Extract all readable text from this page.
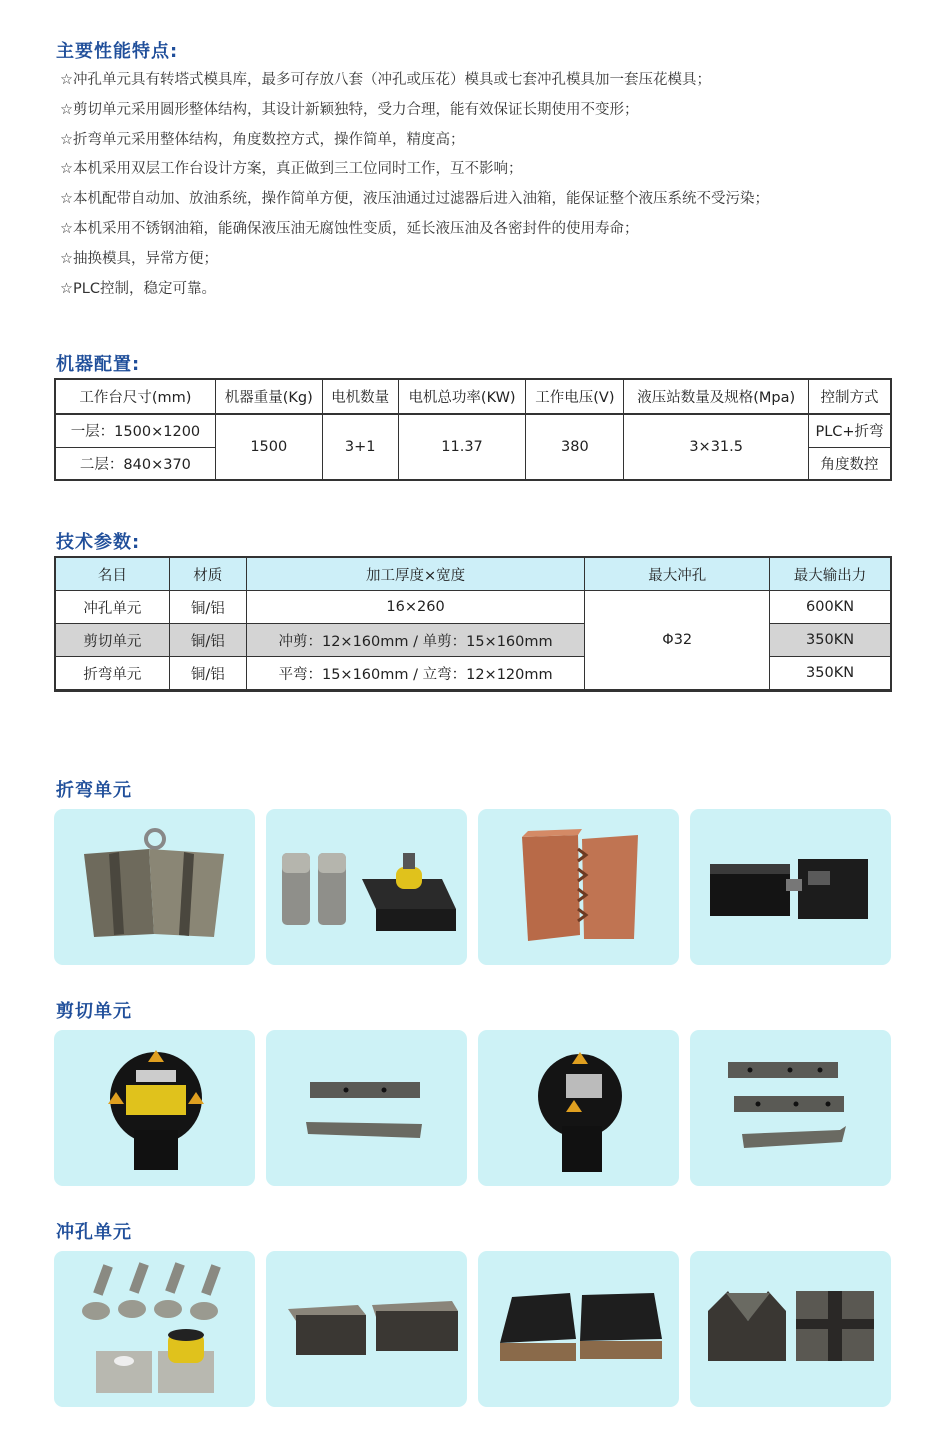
主要性能特点:
☆冲孔单元具有转塔式模具库，最多可存放八套（冲孔或压花）模具或七套冲孔模具加一套压花模具；
☆剪切单元采用圆形整体结构，其设计新颖独特，受力合理，能有效保证长期使用不变形；
☆折弯单元采用整体结构，角度数控方式，操作简单，精度高；
☆本机采用双层工作台设计方案，真正做到三工位同时工作，互不影响；
☆本机配带自动加、放油系统，操作简单方便，液压油通过过滤器后进入油箱，能保证整个液压系统不受污染；
☆本机采用不锈钢油箱，能确保液压油无腐蚀性变质，延长液压油及各密封件的使用寿命；
☆抽换模具，异常方便；
☆PLC控制，稳定可靠。
机器配置:
工作台尺寸(mm)	机器重量(Kg)	电机数量	电机总功率(KW)	工作电压(V)	液压站数量及规格(Mpa)	控制方式
一层：1500×1200	1500	3+1	11.37	380	3×31.5	PLC+折弯
二层：840×370						角度数控
技术参数:
名目	材质	加工厚度×宽度	最大冲孔	最大输出力
冲孔单元	铜/铝	16×260	Φ32	600KN
剪切单元	铜/铝	冲剪：12×160mm / 单剪：15×160mm		350KN
折弯单元	铜/铝	平弯：15×160mm / 立弯：12×120mm		350KN
折弯单元
剪切单元
冲孔单元
